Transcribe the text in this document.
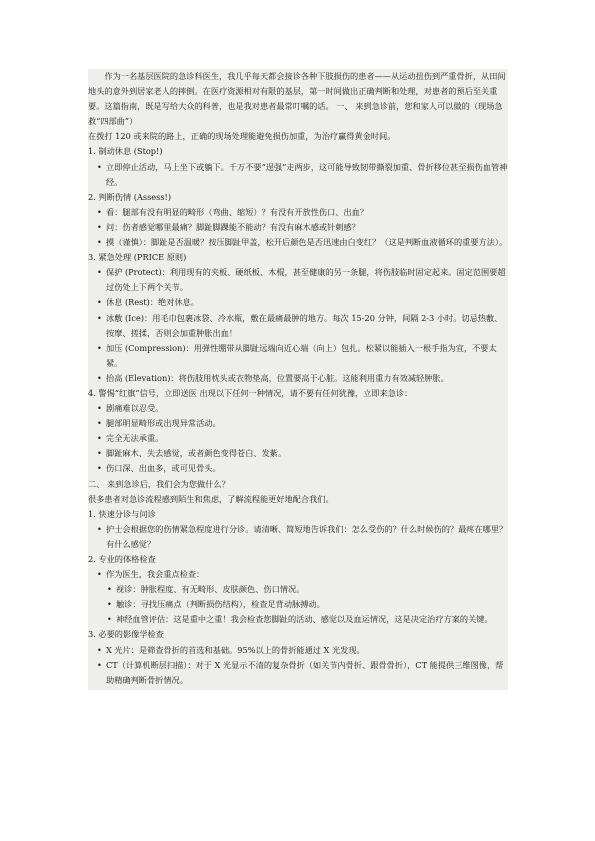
作为一名基层医院的急诊科医生，我几乎每天都会接诊各种下肢损伤的患者——从运动扭伤到严重骨折，从田间地头的意外到居家老人的摔倒。在医疗资源相对有限的基层，第一时间做出正确判断和处理，对患者的预后至关重要。这篇指南，既是写给大众的科普，也是我对患者最常叮嘱的话。 一、 来到急诊前，您和家人可以做的（现场急救“四部曲”）

在拨打 120 或来院的路上，正确的现场处理能避免损伤加重，为治疗赢得黄金时间。

1. 制动休息 (Stop!)

• 立即停止活动，马上坐下或躺下。千万不要“逞强”走两步，这可能导致韧带撕裂加重、骨折移位甚至损伤血管神经。

2. 判断伤情 (Assess!)

• 看：腿部有没有明显的畸形（弯曲、缩短）？有没有开放性伤口、出血？

• 问：伤者感觉哪里最痛？脚趾脚踝能不能动？有没有麻木感或针刺感？

• 摸（谨慎）：脚趾是否温暖？按压脚趾甲盖，松开后颜色是否迅速由白变红？（这是判断血液循环的重要方法）。

3. 紧急处理 (PRICE 原则)

• 保护 (Protect)：利用现有的夹板、硬纸板、木棍，甚至健康的另一条腿，将伤肢临时固定起来。固定范围要超过伤处上下两个关节。

• 休息 (Rest)：绝对休息。

• 冰敷 (Ice)：用毛巾包裹冰袋、冷水瓶，敷在最痛最肿的地方。每次 15-20 分钟，间隔 2-3 小时。切忌热敷、按摩、搓揉，否则会加重肿胀出血！

• 加压 (Compression)：用弹性绷带从脚趾远端向近心端（向上）包扎。松紧以能插入一根手指为宜，不要太紧。

• 抬高 (Elevation)：将伤肢用枕头或衣物垫高，位置要高于心脏。这能利用重力有效减轻肿胀。

4. 警惕“红旗”信号，立即送医 出现以下任何一种情况，请不要有任何犹豫，立即来急诊：

• 剧痛难以忍受。

• 腿部明显畸形或出现异常活动。

• 完全无法承重。

• 脚趾麻木、失去感觉，或者颜色变得苍白、发紫。

• 伤口深、出血多，或可见骨头。

二、 来到急诊后，我们会为您做什么？

很多患者对急诊流程感到陌生和焦虑，了解流程能更好地配合我们。

1. 快速分诊与问诊

• 护士会根据您的伤情紧急程度进行分诊。请清晰、简短地告诉我们：怎么受伤的？什么时候伤的？最疼在哪里？有什么感觉？

2. 专业的体格检查

• 作为医生，我会重点检查：

• 视诊：肿胀程度、有无畸形、皮肤颜色、伤口情况。

• 触诊：寻找压痛点（判断损伤结构），检查足背动脉搏动。

• 神经血管评估：这是重中之重！我会检查您脚趾的活动、感觉以及血运情况，这是决定治疗方案的关键。

3. 必要的影像学检查

• X 光片：是筛查骨折的首选和基础。95%以上的骨折能通过 X 光发现。

• CT（计算机断层扫描）：对于 X 光显示不清的复杂骨折（如关节内骨折、跟骨骨折），CT 能提供三维图像，帮助精确判断骨折情况。
